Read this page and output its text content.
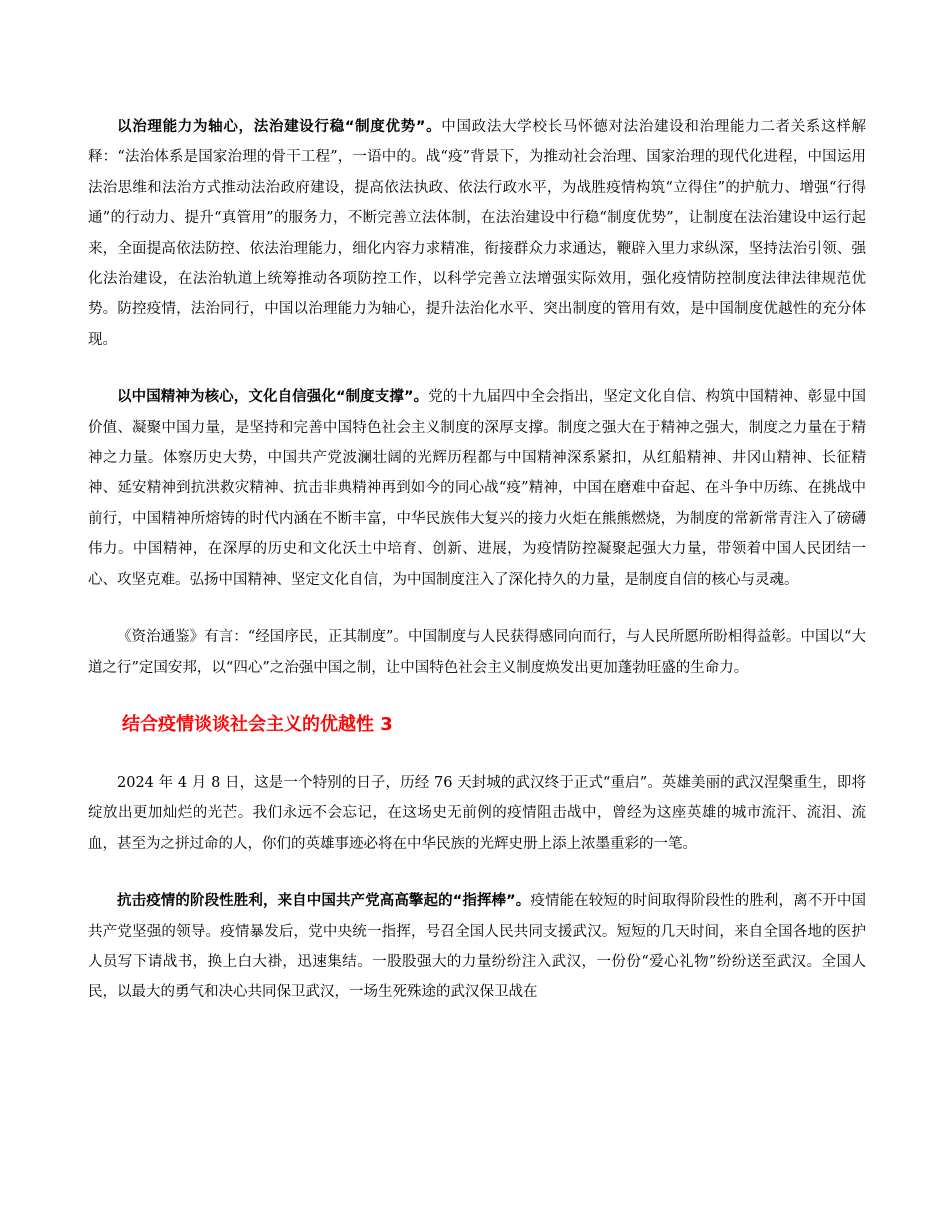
以治理能力为轴心，法治建设行稳“制度优势”。中国政法大学校长马怀德对法治建设和治理能力二者关系这样解释：“法治体系是国家治理的骨干工程”，一语中的。战“疫”背景下，为推动社会治理、国家治理的现代化进程，中国运用法治思维和法治方式推动法治政府建设，提高依法执政、依法行政水平，为战胜疫情构筑“立得住”的护航力、增强“行得通”的行动力、提升“真管用”的服务力，不断完善立法体制，在法治建设中行稳“制度优势”，让制度在法治建设中运行起来，全面提高依法防控、依法治理能力，细化内容力求精准，衔接群众力求通达，鞭辟入里力求纵深，坚持法治引领、强化法治建设，在法治轨道上统筹推动各项防控工作，以科学完善立法增强实际效用，强化疫情防控制度法律法律规范优势。防控疫情，法治同行，中国以治理能力为轴心，提升法治化水平、突出制度的管用有效，是中国制度优越性的充分体现。

以中国精神为核心，文化自信强化“制度支撑”。党的十九届四中全会指出，坚定文化自信、构筑中国精神、彰显中国价值、凝聚中国力量，是坚持和完善中国特色社会主义制度的深厚支撑。制度之强大在于精神之强大，制度之力量在于精神之力量。体察历史大势，中国共产党波澜壮阔的光辉历程都与中国精神深系紧扣，从红船精神、井冈山精神、长征精神、延安精神到抗洪救灾精神、抗击非典精神再到如今的同心战“疫”精神，中国在磨难中奋起、在斗争中历练、在挑战中前行，中国精神所熔铸的时代内涵在不断丰富，中华民族伟大复兴的接力火炬在熊熊燃烧，为制度的常新常青注入了磅礴伟力。中国精神，在深厚的历史和文化沃土中培育、创新、进展，为疫情防控凝聚起强大力量，带领着中国人民团结一心、攻坚克难。弘扬中国精神、坚定文化自信，为中国制度注入了深化持久的力量，是制度自信的核心与灵魂。

《资治通鉴》有言：“经国序民，正其制度”。中国制度与人民获得感同向而行，与人民所愿所盼相得益彰。中国以“大道之行”定国安邦，以“四心”之治强中国之制，让中国特色社会主义制度焕发出更加蓬勃旺盛的生命力。

结合疫情谈谈社会主义的优越性 3

2024 年 4 月 8 日，这是一个特别的日子，历经 76 天封城的武汉终于正式“重启”。英雄美丽的武汉涅槃重生，即将绽放出更加灿烂的光芒。我们永远不会忘记，在这场史无前例的疫情阻击战中，曾经为这座英雄的城市流汗、流泪、流血，甚至为之拼过命的人，你们的英雄事迹必将在中华民族的光辉史册上添上浓墨重彩的一笔。

抗击疫情的阶段性胜利，来自中国共产党高高擎起的“指挥棒”。疫情能在较短的时间取得阶段性的胜利，离不开中国共产党坚强的领导。疫情暴发后，党中央统一指挥，号召全国人民共同支援武汉。短短的几天时间，来自全国各地的医护人员写下请战书，换上白大褂，迅速集结。一股股强大的力量纷纷注入武汉，一份份“爱心礼物”纷纷送至武汉。全国人民，以最大的勇气和决心共同保卫武汉，一场生死殊途的武汉保卫战在
